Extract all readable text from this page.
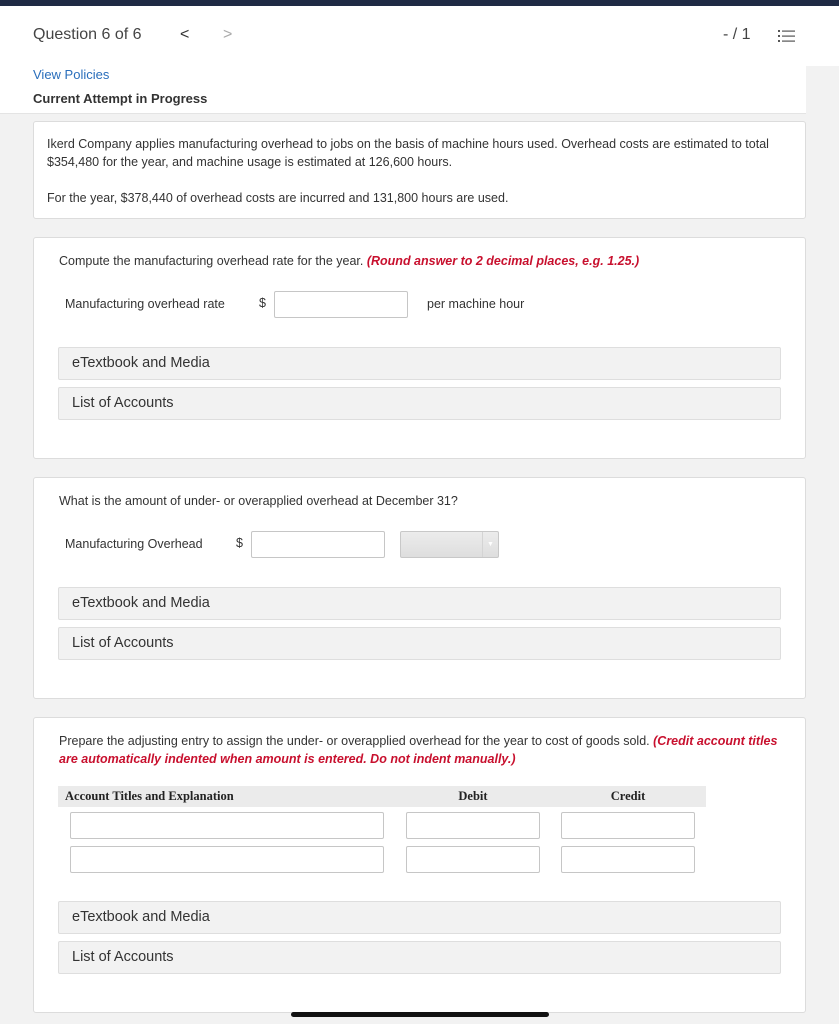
Question 6 of 6 < >	- / 1
View Policies
Current Attempt in Progress

Ikerd Company applies manufacturing overhead to jobs on the basis of machine hours used. Overhead costs are estimated to total $354,480 for the year, and machine usage is estimated at 126,600 hours.

For the year, $378,440 of overhead costs are incurred and 131,800 hours are used.

Compute the manufacturing overhead rate for the year. (Round answer to 2 decimal places, e.g. 1.25.)

Manufacturing overhead rate	$	per machine hour
eTextbook and Media
List of Accounts

What is the amount of under- or overapplied overhead at December 31?

Manufacturing Overhead	$	▼
eTextbook and Media
List of Accounts

Prepare the adjusting entry to assign the under- or overapplied overhead for the year to cost of goods sold. (Credit account titles are automatically indented when amount is entered. Do not indent manually.)

Account Titles and Explanation	Debit	Credit
eTextbook and Media
List of Accounts
